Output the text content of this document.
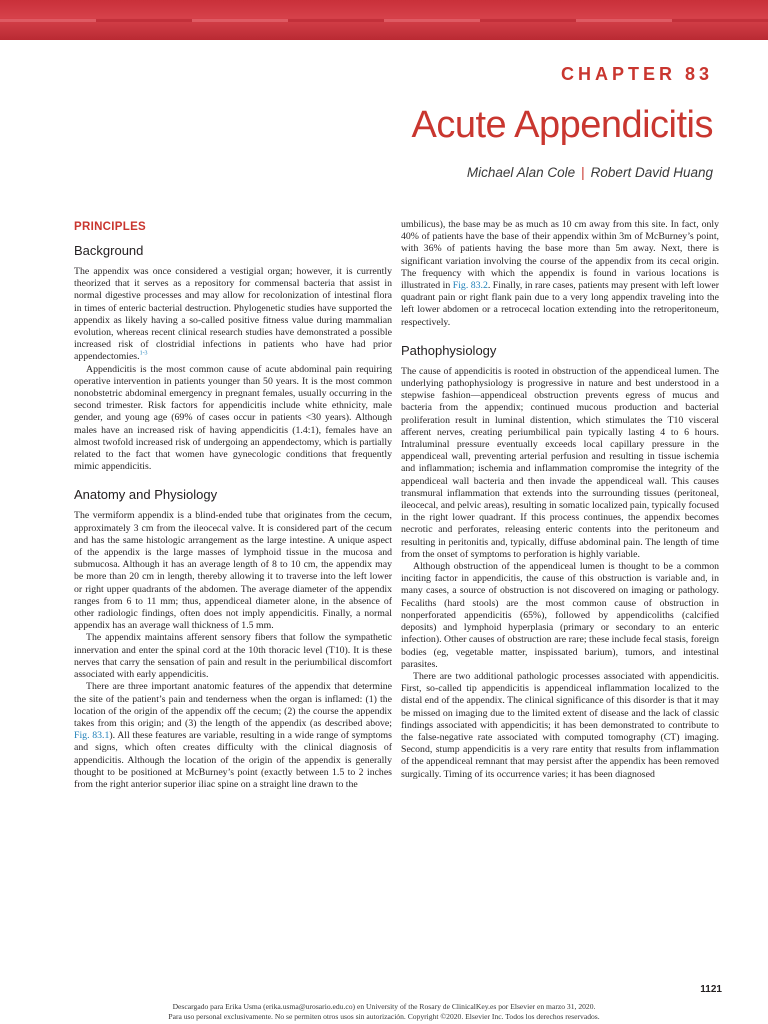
CHAPTER 83
Acute Appendicitis
Michael Alan Cole | Robert David Huang
PRINCIPLES
Background

The appendix was once considered a vestigial organ; however, it is currently theorized that it serves as a repository for commensal bacteria that assist in normal digestive processes and may allow for recolonization of intestinal flora in times of enteric bacterial destruction. Phylogenetic studies have supported the appendix as likely having a so-called positive fitness value during mammalian evolution, whereas recent clinical research studies have demonstrated a possible increased risk of clostridial infections in patients who have had prior appendectomies.$^{1-3}$

Appendicitis is the most common cause of acute abdominal pain requiring operative intervention in patients younger than 50 years. It is the most common nonobstetric abdominal emergency in pregnant females, usually occurring in the second trimester. Risk factors for appendicitis include white ethnicity, male gender, and young age (69% of cases occur in patients <30 years). Although males have an increased risk of having appendicitis (1.4:1), females have an almost twofold increased risk of undergoing an appendectomy, which is partially related to the fact that women have gynecologic conditions that frequently mimic appendicitis.

Anatomy and Physiology

The vermiform appendix is a blind-ended tube that originates from the cecum, approximately 3 cm from the ileocecal valve. It is considered part of the cecum and has the same histologic arrangement as the large intestine. A unique aspect of the appendix is the large masses of lymphoid tissue in the mucosa and submucosa. Although it has an average length of 8 to 10 cm, the appendix may be more than 20 cm in length, thereby allowing it to traverse into the left lower or right upper quadrants of the abdomen. The average diameter of the appendix ranges from 6 to 11 mm; thus, appendiceal diameter alone, in the absence of other radiologic findings, often does not imply appendicitis. Finally, a normal appendix has an average wall thickness of 1.5 mm.

The appendix maintains afferent sensory fibers that follow the sympathetic innervation and enter the spinal cord at the 10th thoracic level (T10). It is these nerves that carry the sensation of pain and result in the periumbilical discomfort associated with early appendicitis.

There are three important anatomic features of the appendix that determine the site of the patient’s pain and tenderness when the organ is inflamed: (1) the location of the origin of the appendix off the cecum; (2) the course the appendix takes from this origin; and (3) the length of the appendix (as described above; Fig. 83.1). All these features are variable, resulting in a wide range of symptoms and signs, which often creates difficulty with the clinical diagnosis of appendicitis. Although the location of the origin of the appendix is generally thought to be positioned at McBurney’s point (exactly between 1.5 to 2 inches from the right anterior superior iliac spine on a straight line drawn to the

umbilicus), the base may be as much as 10 cm away from this site. In fact, only 40% of patients have the base of their appendix within 3m of McBurney’s point, with 36% of patients having the base more than 5m away. Next, there is significant variation involving the course of the appendix from its cecal origin. The frequency with which the appendix is found in various locations is illustrated in Fig. 83.2. Finally, in rare cases, patients may present with left lower quadrant pain or right flank pain due to a very long appendix traveling into the left lower abdomen or a retrocecal location extending into the retroperitoneum, respectively.

Pathophysiology

The cause of appendicitis is rooted in obstruction of the appendiceal lumen. The underlying pathophysiology is progressive in nature and best understood in a stepwise fashion—appendiceal obstruction prevents egress of mucus and bacteria from the appendix; continued mucous production and bacterial proliferation result in luminal distention, which stimulates the T10 visceral afferent nerves, creating periumbilical pain typically lasting 4 to 6 hours. Intraluminal pressure eventually exceeds local capillary pressure in the appendiceal wall, preventing arterial perfusion and resulting in tissue ischemia and inflammation; ischemia and inflammation compromise the integrity of the appendiceal wall bacteria and then invade the appendiceal wall. This causes transmural inflammation that extends into the surrounding tissues (peritoneal, ileocecal, and pelvic areas), resulting in somatic localized pain, typically focused in the right lower quadrant. If this process continues, the appendix becomes necrotic and perforates, releasing enteric contents into the peritoneum and resulting in peritonitis and, typically, diffuse abdominal pain. The length of time from the onset of symptoms to perforation is highly variable.

Although obstruction of the appendiceal lumen is thought to be a common inciting factor in appendicitis, the cause of this obstruction is variable and, in many cases, a source of obstruction is not discovered on imaging or pathology. Fecaliths (hard stools) are the most common cause of obstruction in nonperforated appendicitis (65%), followed by appendicoliths (calcified deposits) and lymphoid hyperplasia (primary or secondary to an enteric infection). Other causes of obstruction are rare; these include fecal stasis, foreign bodies (eg, vegetable matter, inspissated barium), tumors, and intestinal parasites.

There are two additional pathologic processes associated with appendicitis. First, so-called tip appendicitis is appendiceal inflammation localized to the distal end of the appendix. The clinical significance of this disorder is that it may be missed on imaging due to the limited extent of disease and the lack of classic findings associated with appendicitis; it has been demonstrated to contribute to the false-negative rate associated with computed tomography (CT) imaging. Second, stump appendicitis is a very rare entity that results from inflammation of the appendiceal remnant that may persist after the appendix has been removed surgically. Timing of its occurrence varies; it has been diagnosed

1121
Descargado para Erika Usma (erika.usma@urosario.edu.co) en University of the Rosary de ClinicalKey.es por Elsevier en marzo 31, 2020.
Para uso personal exclusivamente. No se permiten otros usos sin autorización. Copyright ©2020. Elsevier Inc. Todos los derechos reservados.
